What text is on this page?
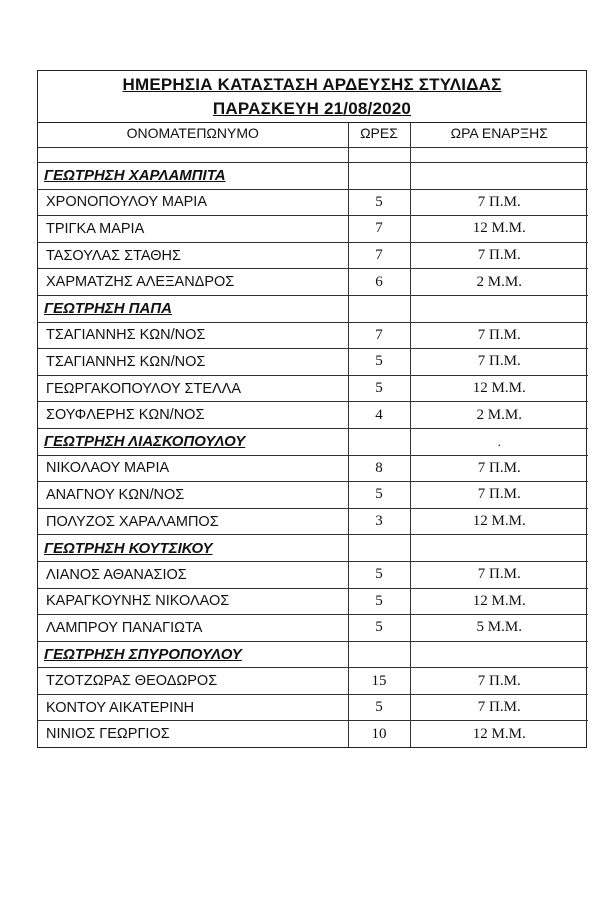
ΗΜΕΡΗΣΙΑ ΚΑΤΑΣΤΑΣΗ ΑΡΔΕΥΣΗΣ ΣΤΥΛΙΔΑΣ
ΠΑΡΑΣΚΕΥΗ 21/08/2020
ΟΝΟΜΑΤΕΠΩΝΥΜΟ	ΩΡΕΣ	ΩΡΑ ΕΝΑΡΞΗΣ

ΓΕΩΤΡΗΣΗ ΧΑΡΛΑΜΠΙΤΑ		
ΧΡΟΝΟΠΟΥΛΟΥ ΜΑΡΙΑ	5	7 Π.Μ.
ΤΡΙΓΚΑ ΜΑΡΙΑ	7	12 Μ.Μ.
ΤΑΣΟΥΛΑΣ ΣΤΑΘΗΣ	7	7 Π.Μ.
ΧΑΡΜΑΤΖΗΣ ΑΛΕΞΑΝΔΡΟΣ	6	2 Μ.Μ.
ΓΕΩΤΡΗΣΗ ΠΑΠΑ		
ΤΣΑΓΙΑΝΝΗΣ ΚΩΝ/ΝΟΣ	7	7 Π.Μ.
ΤΣΑΓΙΑΝΝΗΣ ΚΩΝ/ΝΟΣ	5	7 Π.Μ.
ΓΕΩΡΓΑΚΟΠΟΥΛΟΥ ΣΤΕΛΛΑ	5	12 Μ.Μ.
ΣΟΥΦΛΕΡΗΣ ΚΩΝ/ΝΟΣ	4	2 Μ.Μ.
ΓΕΩΤΡΗΣΗ ΛΙΑΣΚΟΠΟΥΛΟΥ		.
ΝΙΚΟΛΑΟΥ ΜΑΡΙΑ	8	7 Π.Μ.
ΑΝΑΓΝΟΥ ΚΩΝ/ΝΟΣ	5	7 Π.Μ.
ΠΟΛΥΖΟΣ ΧΑΡΑΛΑΜΠΟΣ	3	12 Μ.Μ.
ΓΕΩΤΡΗΣΗ ΚΟΥΤΣΙΚΟΥ		
ΛΙΑΝΟΣ ΑΘΑΝΑΣΙΟΣ	5	7 Π.Μ.
ΚΑΡΑΓΚΟΥΝΗΣ ΝΙΚΟΛΑΟΣ	5	12 Μ.Μ.
ΛΑΜΠΡΟΥ ΠΑΝΑΓΙΩΤΑ	5	5 Μ.Μ.
ΓΕΩΤΡΗΣΗ ΣΠΥΡΟΠΟΥΛΟΥ		
ΤΖΟΤΖΩΡΑΣ ΘΕΟΔΩΡΟΣ	15	7 Π.Μ.
ΚΟΝΤΟΥ ΑΙΚΑΤΕΡΙΝΗ	5	7 Π.Μ.
ΝΙΝΙΟΣ ΓΕΩΡΓΙΟΣ	10	12 Μ.Μ.
